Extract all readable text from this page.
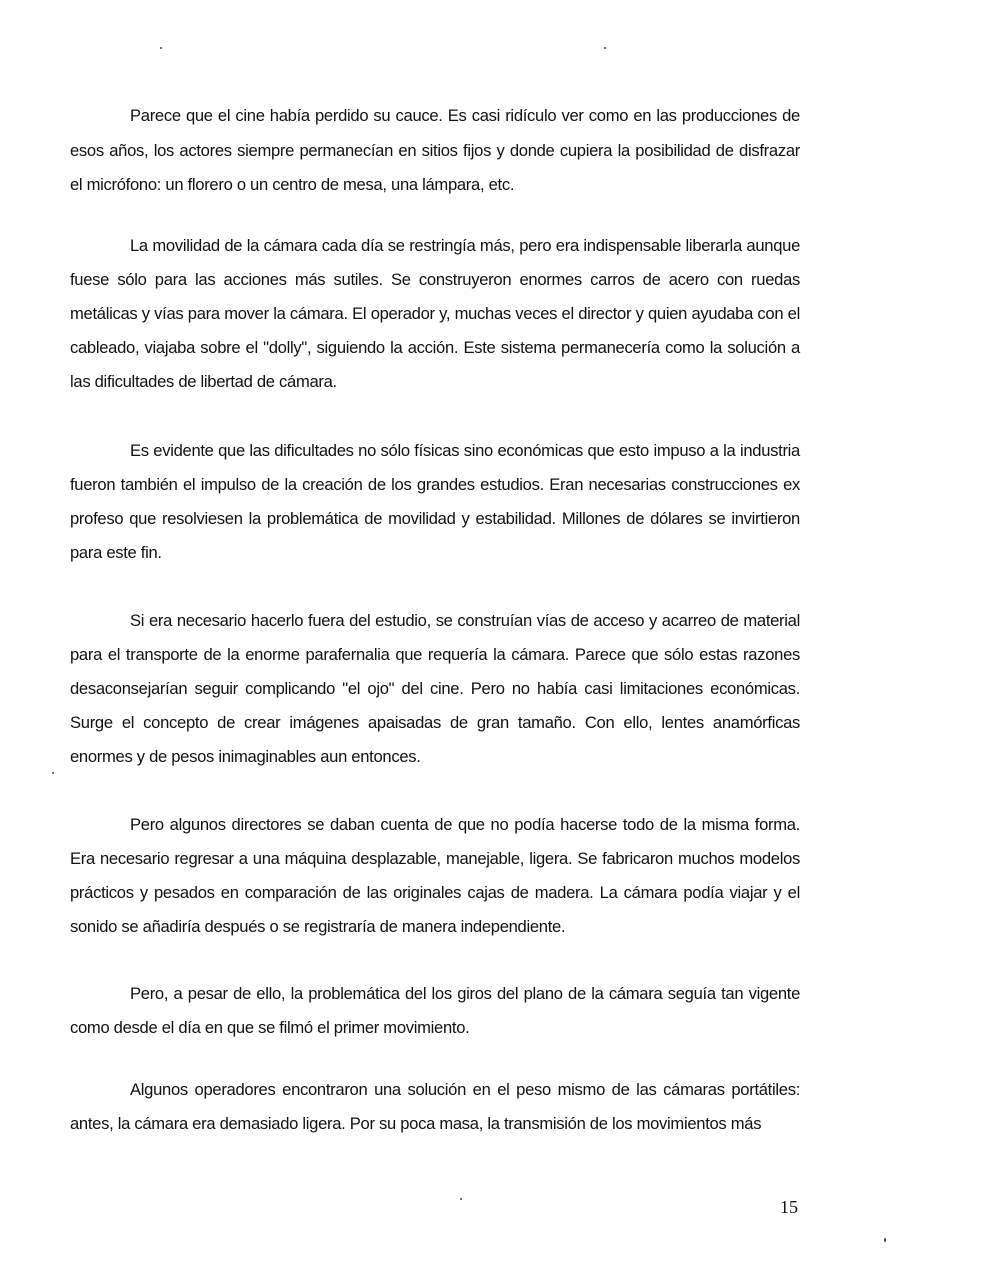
Parece que el cine había perdido su cauce. Es casi ridículo ver como en las producciones de esos años, los actores siempre permanecían en sitios fijos y donde cupiera la posibilidad de disfrazar el micrófono: un florero o un centro de mesa, una lámpara, etc.

La movilidad de la cámara cada día se restringía más, pero era indispensable liberarla aunque fuese sólo para las acciones más sutiles. Se construyeron enormes carros de acero con ruedas metálicas y vías para mover la cámara. El operador y, muchas veces el director y quien ayudaba con el cableado, viajaba sobre el "dolly", siguiendo la acción. Este sistema permanecería como la solución a las dificultades de libertad de cámara.

Es evidente que las dificultades no sólo físicas sino económicas que esto impuso a la industria fueron también el impulso de la creación de los grandes estudios. Eran necesarias construcciones ex profeso que resolviesen la problemática de movilidad y estabilidad. Millones de dólares se invirtieron para este fin.

Si era necesario hacerlo fuera del estudio, se construían vías de acceso y acarreo de material para el transporte de la enorme parafernalia que requería la cámara. Parece que sólo estas razones desaconsejarían seguir complicando "el ojo" del cine. Pero no había casi limitaciones económicas. Surge el concepto de crear imágenes apaisadas de gran tamaño. Con ello, lentes anamórficas enormes y de pesos inimaginables aun entonces.

Pero algunos directores se daban cuenta de que no podía hacerse todo de la misma forma. Era necesario regresar a una máquina desplazable, manejable, ligera. Se fabricaron muchos modelos prácticos y pesados en comparación de las originales cajas de madera. La cámara podía viajar y el sonido se añadiría después o se registraría de manera independiente.

Pero, a pesar de ello, la problemática del los giros del plano de la cámara seguía tan vigente como desde el día en que se filmó el primer movimiento.

Algunos operadores encontraron una solución en el peso mismo de las cámaras portátiles: antes, la cámara era demasiado ligera. Por su poca masa, la transmisión de los movimientos más

15
